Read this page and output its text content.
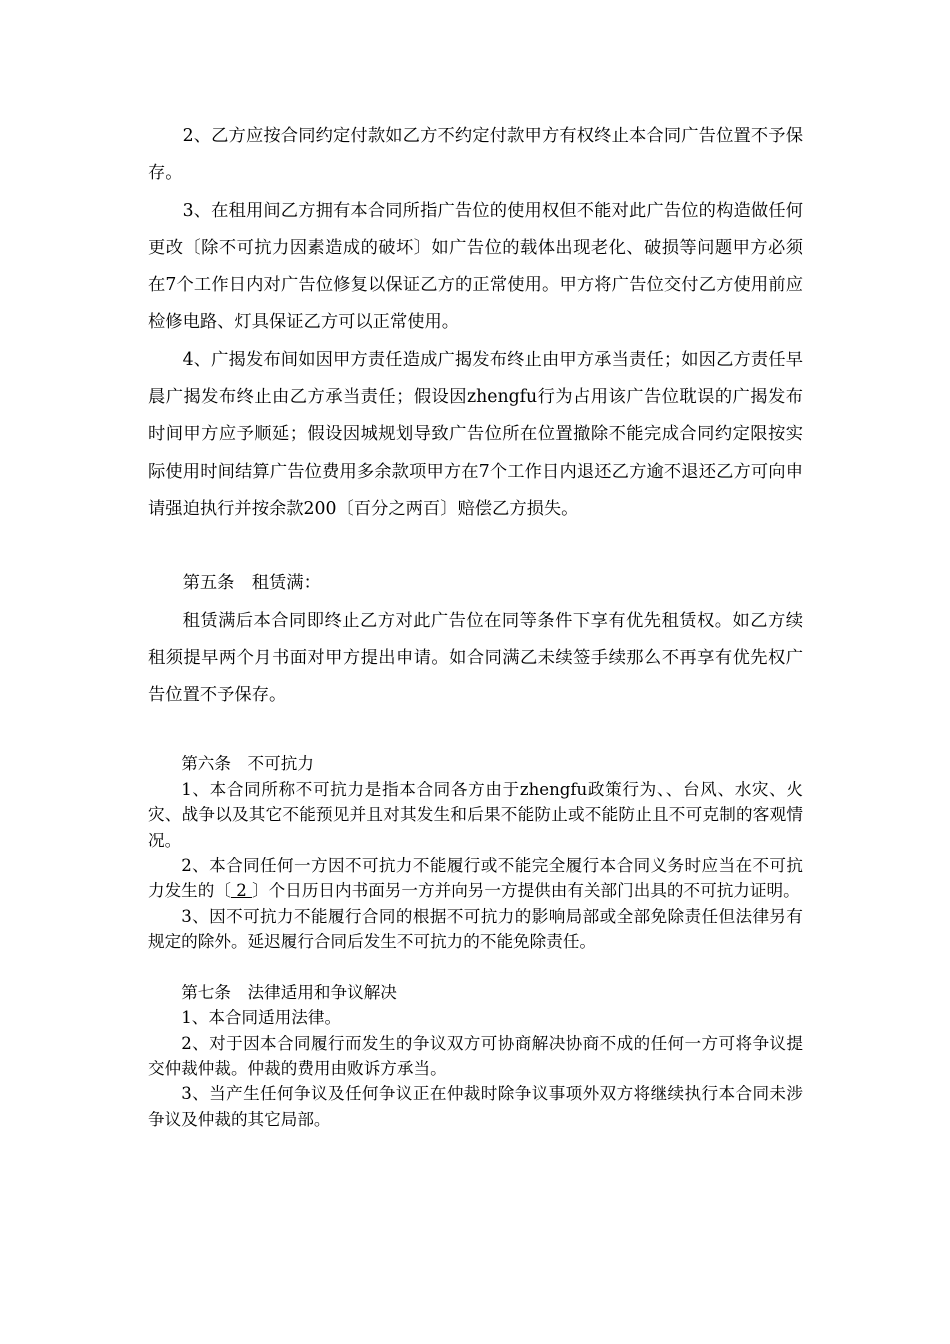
2、乙方应按合同约定付款如乙方不约定付款甲方有权终止本合同广告位置不予保存。

3、在租用间乙方拥有本合同所指广告位的使用权但不能对此广告位的构造做任何更改〔除不可抗力因素造成的破坏〕如广告位的载体出现老化、破损等问题甲方必须在7个工作日内对广告位修复以保证乙方的正常使用。甲方将广告位交付乙方使用前应检修电路、灯具保证乙方可以正常使用。

4、广揭发布间如因甲方责任造成广揭发布终止由甲方承当责任；如因乙方责任早晨广揭发布终止由乙方承当责任；假设因zhengfu行为占用该广告位耽误的广揭发布时间甲方应予顺延；假设因城规划导致广告位所在位置撤除不能完成合同约定限按实际使用时间结算广告位费用多余款项甲方在7个工作日内退还乙方逾不退还乙方可向申请强迫执行并按余款200〔百分之两百〕赔偿乙方损失。

第五条　租赁满：

租赁满后本合同即终止乙方对此广告位在同等条件下享有优先租赁权。如乙方续租须提早两个月书面对甲方提出申请。如合同满乙未续签手续那么不再享有优先权广告位置不予保存。

第六条　不可抗力

1、本合同所称不可抗力是指本合同各方由于zhengfu政策行为、、台风、水灾、火灾、战争以及其它不能预见并且对其发生和后果不能防止或不能防止且不可克制的客观情况。

2、本合同任何一方因不可抗力不能履行或不能完全履行本合同义务时应当在不可抗力发生的〔 2 〕个日历日内书面另一方并向另一方提供由有关部门出具的不可抗力证明。

3、因不可抗力不能履行合同的根据不可抗力的影响局部或全部免除责任但法律另有规定的除外。延迟履行合同后发生不可抗力的不能免除责任。

第七条　法律适用和争议解决

1、本合同适用法律。

2、对于因本合同履行而发生的争议双方可协商解决协商不成的任何一方可将争议提交仲裁仲裁。仲裁的费用由败诉方承当。

3、当产生任何争议及任何争议正在仲裁时除争议事项外双方将继续执行本合同未涉争议及仲裁的其它局部。
